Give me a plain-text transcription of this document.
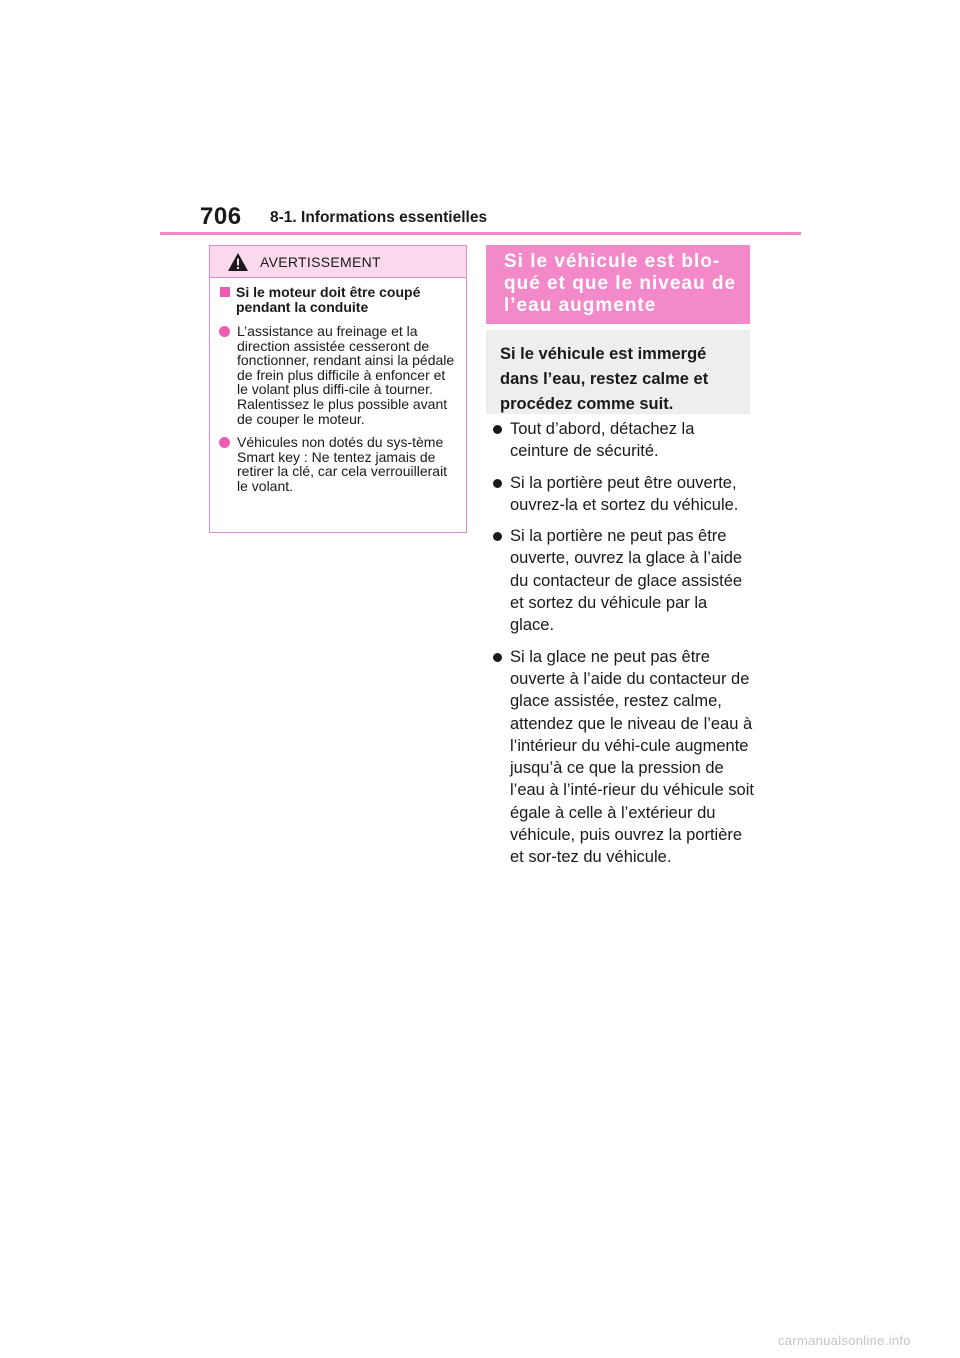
706 8-1. Informations essentielles
AVERTISSEMENT
Si le moteur doit être coupé pendant la conduite
L’assistance au freinage et la direction assistée cesseront de fonctionner, rendant ainsi la pédale de frein plus difficile à enfoncer et le volant plus diffi-cile à tourner. Ralentissez le plus possible avant de couper le moteur.
Véhicules non dotés du sys-tème Smart key : Ne tentez jamais de retirer la clé, car cela verrouillerait le volant.
Si le véhicule est blo-qué et que le niveau de l’eau augmente
Si le véhicule est immergé dans l’eau, restez calme et procédez comme suit.
Tout d’abord, détachez la ceinture de sécurité.
Si la portière peut être ouverte, ouvrez-la et sortez du véhicule.
Si la portière ne peut pas être ouverte, ouvrez la glace à l’aide du contacteur de glace assistée et sortez du véhicule par la glace.
Si la glace ne peut pas être ouverte à l’aide du contacteur de glace assistée, restez calme, attendez que le niveau de l’eau à l’intérieur du véhi-cule augmente jusqu’à ce que la pression de l’eau à l’inté-rieur du véhicule soit égale à celle à l’extérieur du véhicule, puis ouvrez la portière et sor-tez du véhicule.
carmanualsonline.info
